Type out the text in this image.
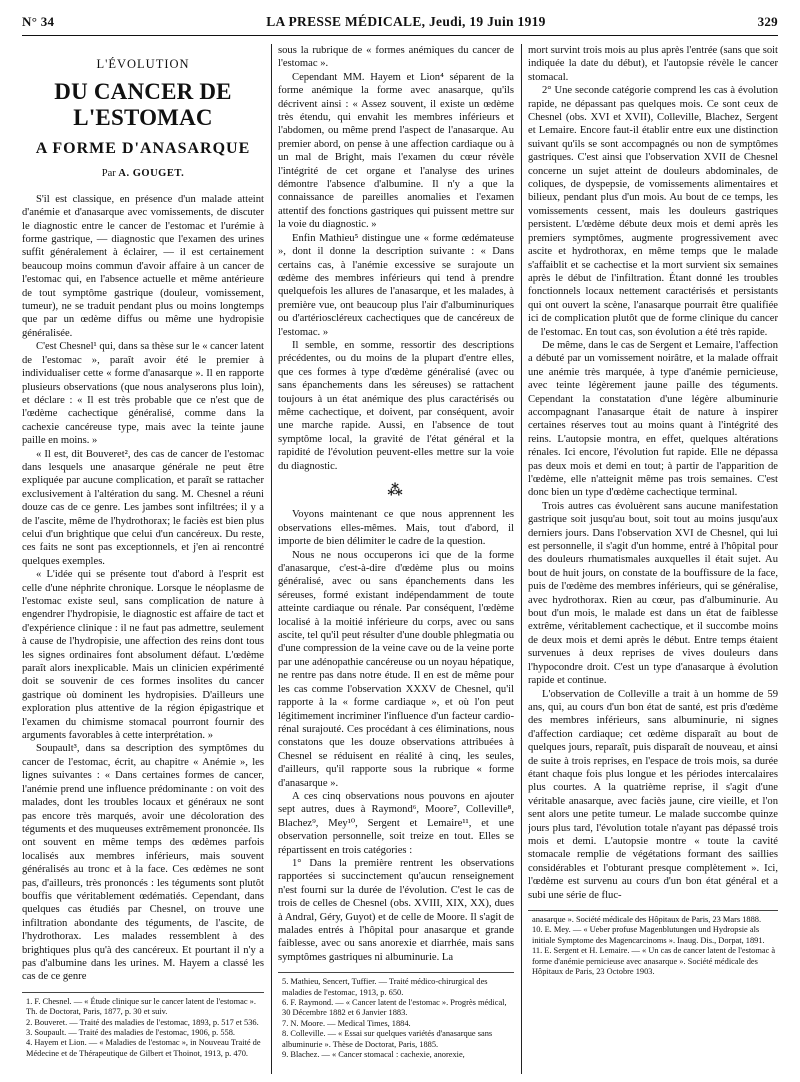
N° 34	LA PRESSE MÉDICALE, Jeudi, 19 Juin 1919	329
L'ÉVOLUTION
DU CANCER DE L'ESTOMAC
A FORME D'ANASARQUE
Par A. GOUGET.

S'il est classique, en présence d'un malade atteint d'anémie et d'anasarque avec vomissements, de discuter le diagnostic entre le cancer de l'estomac et l'urémie à forme gastrique, — diagnostic que l'examen des urines suffit généralement à éclairer, — il est certainement beaucoup moins commun d'avoir affaire à un cancer de l'estomac qui, en l'absence actuelle et même antérieure de tout symptôme gastrique (douleur, vomissement, tumeur), ne se traduit pendant plus ou moins longtemps que par un œdème diffus ou même une hydropisie généralisée.

C'est Chesnel¹ qui, dans sa thèse sur le « cancer latent de l'estomac », paraît avoir été le premier à individualiser cette « forme d'anasarque ». Il en rapporte plusieurs observations (que nous analyserons plus loin), et déclare : « Il est très probable que ce n'est que de l'œdème cachectique généralisé, comme dans la cachexie cancéreuse type, mais avec la teinte jaune paille en moins. »

« Il est, dit Bouveret², des cas de cancer de l'estomac dans lesquels une anasarque générale ne peut être expliquée par aucune complication, et paraît se rattacher exclusivement à l'altération du sang. M. Chesnel a réuni douze cas de ce genre. Les jambes sont infiltrées; il y a de l'ascite, même de l'hydrothorax; le faciès est bien plus celui d'un brightique que celui d'un cancéreux. Du reste, ces faits ne sont pas exceptionnels, et j'en ai rencontré quelques exemples.

« L'idée qui se présente tout d'abord à l'esprit est celle d'une néphrite chronique. Lorsque le néoplasme de l'estomac existe seul, sans complication de nature à engendrer l'hydropisie, le diagnostic est affaire de tact et d'expérience clinique : il ne faut pas admettre, seulement à cause de l'hydropisie, une affection des reins dont tous les signes ordinaires font absolument défaut. L'œdème paraît alors inexplicable. Mais un clinicien expérimenté doit se souvenir de ces formes insolites du cancer gastrique où dominent les hydropisies. D'ailleurs une exploration plus attentive de la région épigastrique et l'examen du chimisme stomacal pourront fournir des arguments favorables à cette interprétation. »

Soupault³, dans sa description des symptômes du cancer de l'estomac, écrit, au chapitre « Anémie », les lignes suivantes : « Dans certaines formes de cancer, l'anémie prend une influence prédominante : on voit des malades, dont les troubles locaux et généraux ne sont pas encore très marqués, avoir une décoloration des téguments et des muqueuses extrêmement prononcée. Ils ont souvent en même temps des œdèmes parfois localisés aux membres inférieurs, mais souvent généralisés au tronc et à la face. Ces œdèmes ne sont pas, d'ailleurs, très prononcés : les téguments sont plutôt bouffis que véritablement œdématiés. Cependant, dans quelques cas étudiés par Chesnel, on trouve une infiltration abondante des téguments, de l'ascite, de l'hydrothorax. Les malades ressemblent à des brightiques plus qu'à des cancéreux. Et pourtant il n'y a pas d'albumine dans les urines. M. Hayem a classé les cas de ce genre

1. F. Chesnel. — « Étude clinique sur le cancer latent de l'estomac ». Th. de Doctorat, Paris, 1877, p. 30 et suiv.
2. Bouveret. — Traité des maladies de l'estomac, 1893, p. 517 et 536.
3. Soupault. — Traité des maladies de l'estomac, 1906, p. 558.
4. Hayem et Lion. — « Maladies de l'estomac », in Nouveau Traité de Médecine et de Thérapeutique de Gilbert et Thoinot, 1913, p. 470.

sous la rubrique de « formes anémiques du cancer de l'estomac ».

Cependant MM. Hayem et Lion⁴ séparent de la forme anémique la forme avec anasarque, qu'ils décrivent ainsi : « Assez souvent, il existe un œdème très étendu, qui envahit les membres inférieurs et l'abdomen, ou même prend l'aspect de l'anasarque. Au premier abord, on pense à une affection cardiaque ou à un mal de Bright, mais l'examen du cœur révèle l'intégrité de cet organe et l'analyse des urines démontre l'absence d'albumine. Il n'y a que la connaissance de pareilles anomalies et l'examen attentif des fonctions gastriques qui puissent mettre sur la voie du diagnostic. »

Enfin Mathieu⁵ distingue une « forme œdémateuse », dont il donne la description suivante : « Dans certains cas, à l'anémie excessive se surajoute un œdème des membres inférieurs qui tend à prendre quelquefois les allures de l'anasarque, et les malades, à première vue, ont beaucoup plus l'air d'albuminuriques ou d'artérioscléreux cachectiques que de cancéreux de l'estomac. »

Il semble, en somme, ressortir des descriptions précédentes, ou du moins de la plupart d'entre elles, que ces formes à type d'œdème généralisé (avec ou sans épanchements dans les séreuses) se rattachent toujours à un état anémique des plus caractérisés ou même cachectique, et doivent, par conséquent, avoir une marche rapide. Aussi, en l'absence de tout symptôme local, la gravité de l'état général et la rapidité de l'évolution peuvent-elles mettre sur la voie du diagnostic.

⁂

Voyons maintenant ce que nous apprennent les observations elles-mêmes. Mais, tout d'abord, il importe de bien délimiter le cadre de la question.

Nous ne nous occuperons ici que de la forme d'anasarque, c'est-à-dire d'œdème plus ou moins généralisé, avec ou sans épanchements dans les séreuses, formé existant indépendamment de toute atteinte cardiaque ou rénale. Par conséquent, l'œdème localisé à la moitié inférieure du corps, avec ou sans ascite, tel qu'il peut résulter d'une double phlegmatia ou d'une compression de la veine cave ou de la veine porte par une adénopathie cancéreuse ou un noyau hépatique, ne rentre pas dans notre étude. Il en est de même pour les cas comme l'observation XXXV de Chesnel, qu'il rapporte à la « forme cardiaque », et où l'on peut légitimement incriminer l'influence d'un facteur cardio-rénal surajouté. Ces procédant à ces éliminations, nous constatons que les douze observations attribuées à Chesnel se réduisent en réalité à cinq, les seules, d'ailleurs, qu'il rapporte sous la rubrique « forme d'anasarque ».

A ces cinq observations nous pouvons en ajouter sept autres, dues à Raymond⁶, Moore⁷, Colleville⁸, Blachez⁹, Mey¹⁰, Sergent et Lemaire¹¹, et une observation personnelle, soit treize en tout. Elles se répartissent en trois catégories :

1° Dans la première rentrent les observations rapportées si succinctement qu'aucun renseignement n'est fourni sur la durée de l'évolution. C'est le cas de trois de celles de Chesnel (obs. XVIII, XIX, XX), dues à Andral, Géry, Guyot) et de celle de Moore. Il s'agit de malades entrés à l'hôpital pour anasarque et grande faiblesse, avec ou sans anorexie et diarrhée, mais sans symptômes gastriques ni albuminurie. La

5. Mathieu, Sencert, Tuffier. — Traité médico-chirurgical des maladies de l'estomac, 1913, p. 650.
6. F. Raymond. — « Cancer latent de l'estomac ». Progrès médical, 30 Décembre 1882 et 6 Janvier 1883.
7. N. Moore. — Medical Times, 1884.
8. Colleville. — « Essai sur quelques variétés d'anasarque sans albuminurie ». Thèse de Doctorat, Paris, 1885.
9. Blachez. — « Cancer stomacal : cachexie, anorexie,

mort survint trois mois au plus après l'entrée (sans que soit indiquée la date du début), et l'autopsie révèle le cancer stomacal.

2° Une seconde catégorie comprend les cas à évolution rapide, ne dépassant pas quelques mois. Ce sont ceux de Chesnel (obs. XVI et XVII), Colleville, Blachez, Sergent et Lemaire. Encore faut-il établir entre eux une distinction suivant qu'ils se sont accompagnés ou non de symptômes gastriques. C'est ainsi que l'observation XVII de Chesnel concerne un sujet atteint de douleurs abdominales, de coliques, de dyspepsie, de vomissements alimentaires et bilieux, pendant plus d'un mois. Au bout de ce temps, les vomissements cessent, mais les douleurs gastriques persistent. L'œdème débute deux mois et demi après les premiers symptômes, augmente progressivement avec ascite et hydrothorax, en même temps que le malade s'affaiblit et se cachectise et la mort survient six semaines après le début de l'infiltration. Étant donné les troubles fonctionnels locaux nettement caractérisés et persistants qui ont ouvert la scène, l'anasarque pourrait être qualifiée ici de complication plutôt que de forme clinique du cancer de l'estomac. En tout cas, son évolution a été très rapide.

De même, dans le cas de Sergent et Lemaire, l'affection a débuté par un vomissement noirâtre, et la malade offrait une anémie très marquée, à type d'anémie pernicieuse, avec teinte légèrement jaune paille des téguments. Cependant la constatation d'une légère albuminurie accompagnant l'anasarque était de nature à inspirer certaines réserves tout au moins quant à l'intégrité des reins. L'autopsie montra, en effet, quelques altérations rénales. Ici encore, l'évolution fut rapide. Elle ne dépassa pas deux mois et demi en tout; à partir de l'apparition de l'œdème, elle n'atteignit même pas trois semaines. C'est donc bien un type d'œdème cachectique terminal.

Trois autres cas évoluèrent sans aucune manifestation gastrique soit jusqu'au bout, soit tout au moins jusqu'aux derniers jours. Dans l'observation XVI de Chesnel, qui lui est personnelle, il s'agit d'un homme, entré à l'hôpital pour des douleurs rhumatismales auxquelles il était sujet. Au bout de huit jours, on constate de la bouffissure de la face, puis de l'œdème des membres inférieurs, qui se généralise, avec hydrothorax. Rien au cœur, pas d'albuminurie. Au bout d'un mois, le malade est dans un état de faiblesse extrême, véritablement cachectique, et il succombe moins de deux mois et demi après le début. Entre temps étaient survenues à deux reprises de vives douleurs dans l'hypocondre droit. C'est un type d'anasarque à évolution rapide et continue.

L'observation de Colleville a trait à un homme de 59 ans, qui, au cours d'un bon état de santé, est pris d'œdème des membres inférieurs, sans albuminurie, ni signes d'affection cardiaque; cet œdème disparaît au bout de quelques jours, reparaît, puis disparaît de nouveau, et ainsi de suite à trois reprises, en l'espace de trois mois, sa durée étant chaque fois plus longue et les périodes intercalaires plus courtes. A la quatrième reprise, il s'agit d'une véritable anasarque, avec faciès jaune, cire vieille, et l'on sent alors une petite tumeur. Le malade succombe quinze jours plus tard, l'évolution totale n'ayant pas dépassé trois mois et demi. L'autopsie montre « toute la cavité stomacale remplie de végétations formant des saillies considérables et l'obturant presque complètement ». Ici, l'œdème est survenu au cours d'un bon état général et a subi une série de fluc-

anasarque ». Société médicale des Hôpitaux de Paris, 23 Mars 1888.
10. E. Mey. — « Ueber profuse Magenblutungen und Hydropsie als initiale Symptome des Magencarcinoms ». Inaug. Dis., Dorpat, 1891.
11. E. Sergent et H. Lemaire. — « Un cas de cancer latent de l'estomac à forme d'anémie pernicieuse avec anasarque ». Société médicale des Hôpitaux de Paris, 23 Octobre 1903.
